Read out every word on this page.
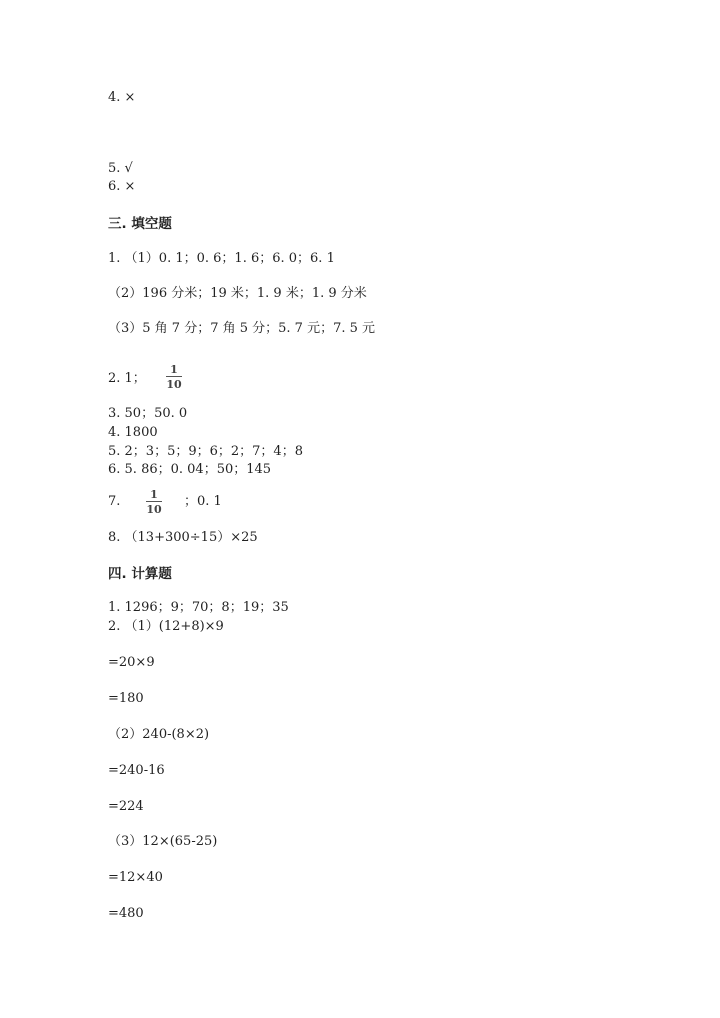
4. ×
5. √
6. ×
三. 填空题
1. （1）0. 1；0. 6；1. 6；6. 0；6. 1
（2）196 分米；19 米；1. 9 米；1. 9 分米
（3）5 角 7 分；7 角 5 分；5. 7 元；7. 5 元
2. 1；
1
10
3. 50；50. 0
4. 1800
5. 2；3；5；9；6；2；7；4；8
6. 5. 86；0. 04；50；145
7.	1
10
；0. 1
8. （13+300÷15）×25
四. 计算题
1. 1296；9；70；8；19；35
2. （1）(12+8)×9
=20×9
=180
（2）240-(8×2)
=240-16
=224
（3）12×(65-25)
=12×40
=480
